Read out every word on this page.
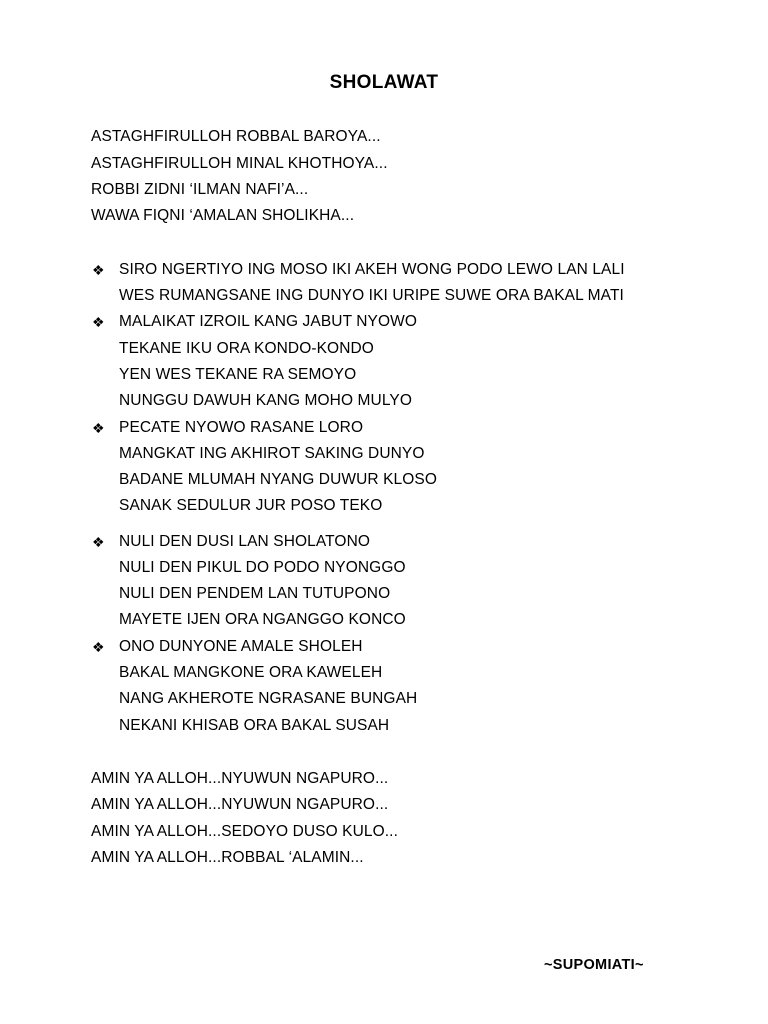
SHOLAWAT
ASTAGHFIRULLOH ROBBAL BAROYA...
ASTAGHFIRULLOH MINAL KHOTHOYA...
ROBBI ZIDNI ‘ILMAN NAFI’A...
WAWA FIQNI ‘AMALAN SHOLIKHA...
❖ SIRO NGERTIYO ING MOSO IKI AKEH WONG PODO LEWO LAN LALI
WES RUMANGSANE ING DUNYO IKI URIPE SUWE ORA BAKAL MATI
❖ MALAIKAT IZROIL KANG JABUT NYOWO
TEKANE IKU ORA KONDO-KONDO
YEN WES TEKANE RA SEMOYO
NUNGGU DAWUH KANG MOHO MULYO
❖ PECATE NYOWO RASANE LORO
MANGKAT ING AKHIROT SAKING DUNYO
BADANE MLUMAH NYANG DUWUR KLOSO
SANAK SEDULUR JUR POSO TEKO
❖ NULI DEN DUSI LAN SHOLATONO
NULI DEN PIKUL DO PODO NYONGGO
NULI DEN PENDEM LAN TUTUPONO
MAYETE IJEN ORA NGANGGO KONCO
❖ ONO DUNYONE AMALE SHOLEH
BAKAL MANGKONE ORA KAWELEH
NANG AKHEROTE NGRASANE BUNGAH
NEKANI KHISAB ORA BAKAL SUSAH
AMIN YA ALLOH...NYUWUN NGAPURO...
AMIN YA ALLOH...NYUWUN NGAPURO...
AMIN YA ALLOH...SEDOYO DUSO KULO...
AMIN YA ALLOH...ROBBAL ‘ALAMIN...
~SUPOMIATI~
